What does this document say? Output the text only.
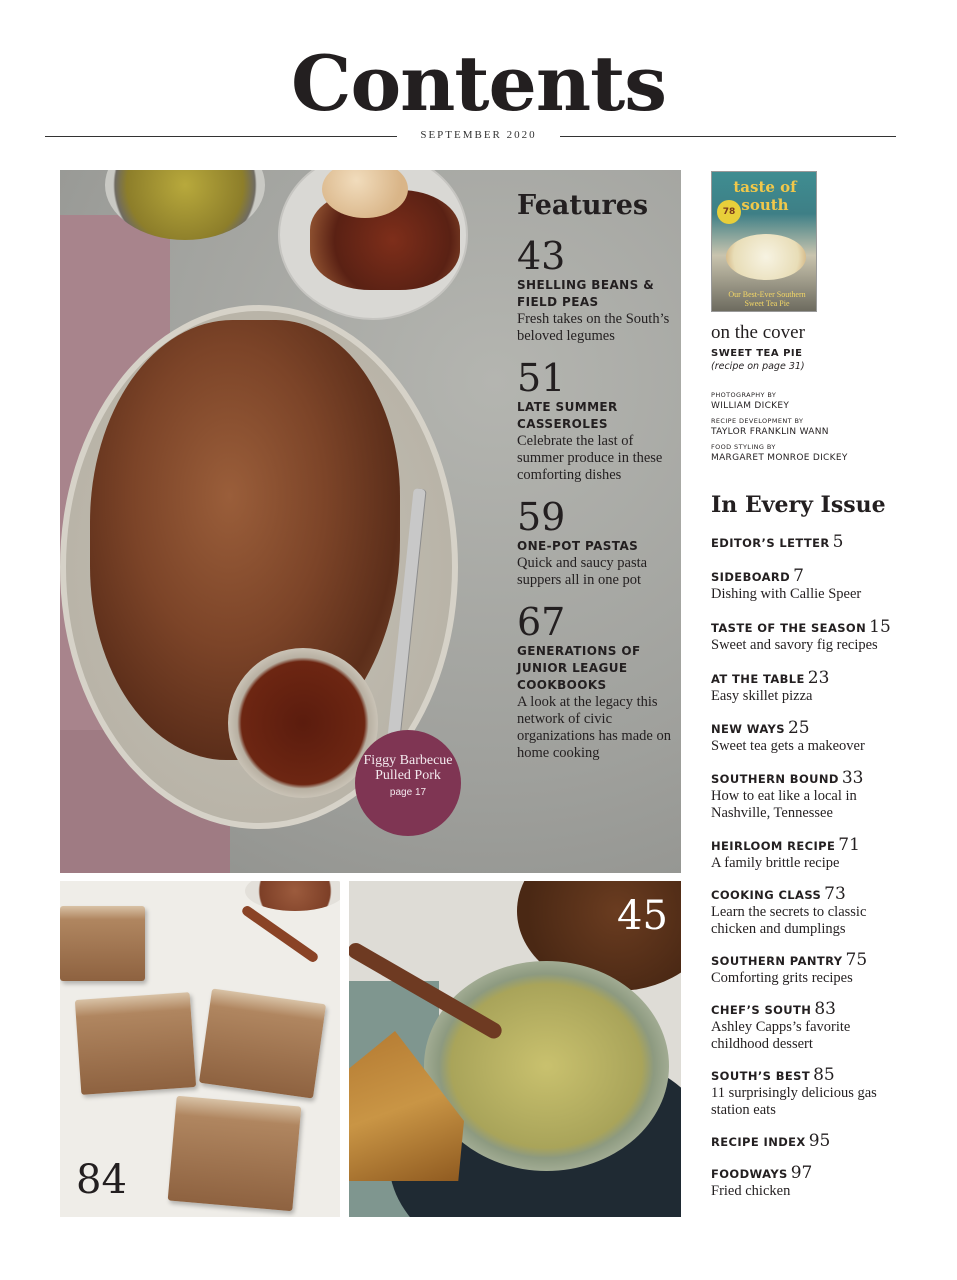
Contents
SEPTEMBER 2020
Figgy Barbecue Pulled Pork
page 17
Features
43
SHELLING BEANS & FIELD PEAS
Fresh takes on the South’s beloved legumes
51
LATE SUMMER CASSEROLES
Celebrate the last of summer produce in these comforting dishes
59
ONE-POT PASTAS
Quick and saucy pasta suppers all in one pot
67
GENERATIONS OF JUNIOR LEAGUE COOKBOOKS
A look at the legacy this network of civic organizations has made on home cooking
84
45
taste of south
78
Our Best-Ever Southern Sweet Tea Pie
on the cover
SWEET TEA PIE
(recipe on page 31)
PHOTOGRAPHY BY
WILLIAM DICKEY
RECIPE DEVELOPMENT BY
TAYLOR FRANKLIN WANN
FOOD STYLING BY
MARGARET MONROE DICKEY
In Every Issue
EDITOR’S LETTER 5
SIDEBOARD 7
Dishing with Callie Speer
TASTE OF THE SEASON 15
Sweet and savory fig recipes
AT THE TABLE 23
Easy skillet pizza
NEW WAYS 25
Sweet tea gets a makeover
SOUTHERN BOUND 33
How to eat like a local in Nashville, Tennessee
HEIRLOOM RECIPE 71
A family brittle recipe
COOKING CLASS 73
Learn the secrets to classic chicken and dumplings
SOUTHERN PANTRY 75
Comforting grits recipes
CHEF’S SOUTH 83
Ashley Capps’s favorite childhood dessert
SOUTH’S BEST 85
11 surprisingly delicious gas station eats
RECIPE INDEX 95
FOODWAYS 97
Fried chicken
